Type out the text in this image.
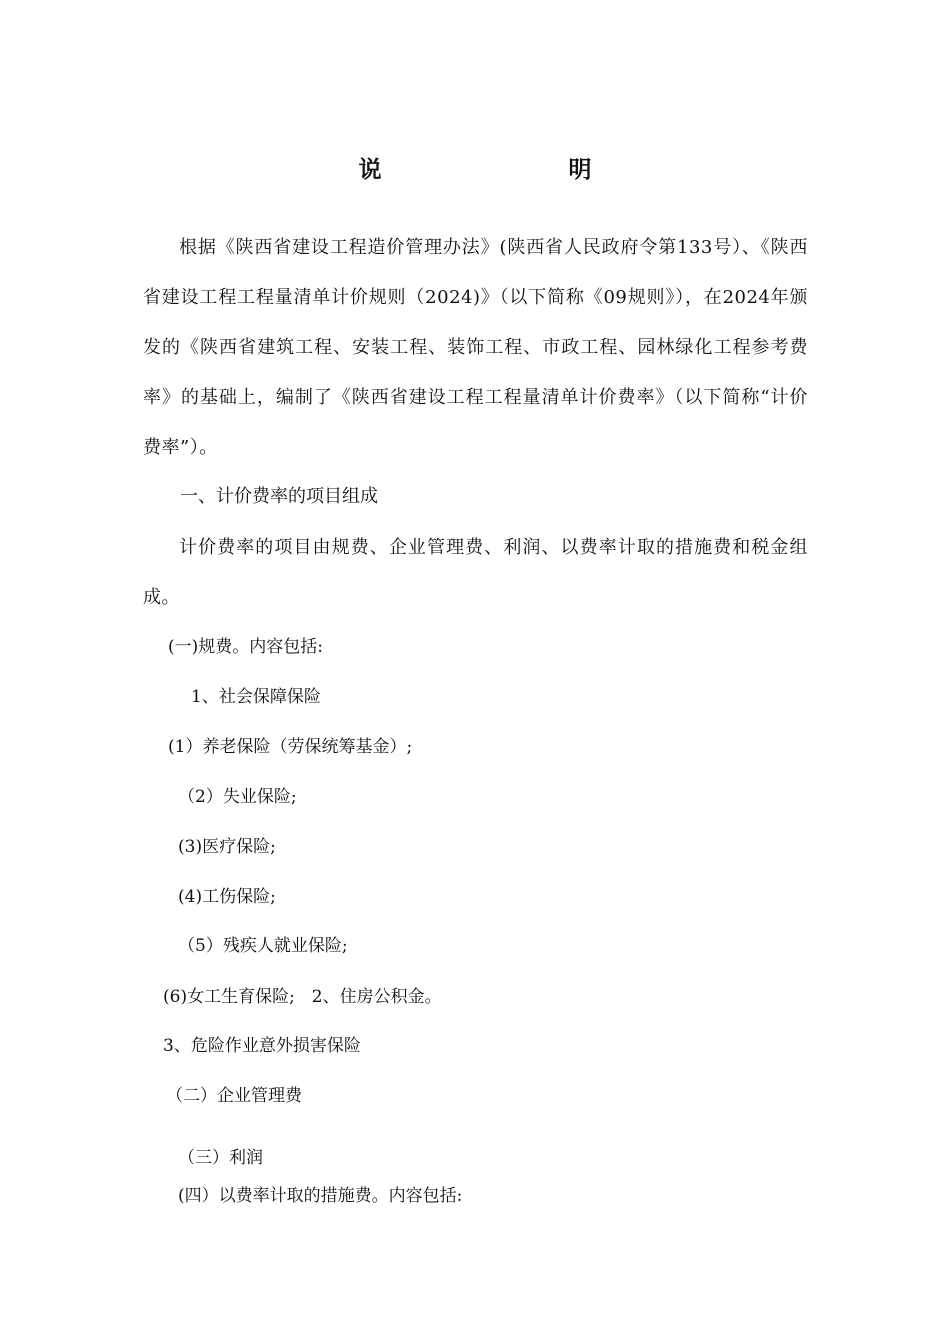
说　明
根据《陕西省建设工程造价管理办法》(陕西省人民政府令第133号）、《陕西省建设工程工程量清单计价规则（2024)》（以下简称《09规则》），在2024年颁发的《陕西省建筑工程、安装工程、装饰工程、市政工程、园林绿化工程参考费率》的基础上，编制了《陕西省建设工程工程量清单计价费率》（以下简称“计价费率”）。
一、计价费率的项目组成
计价费率的项目由规费、企业管理费、利润、以费率计取的措施费和税金组成。
(一)规费。内容包括:
1、社会保障保险
(1）养老保险（劳保统筹基金）;
（2）失业保险;
(3)医疗保险;
(4)工伤保险;
（5）残疾人就业保险;
(6)女工生育保险;　2、住房公积金。
3、危险作业意外损害保险
（二）企业管理费
（三）利润
(四）以费率计取的措施费。内容包括:
